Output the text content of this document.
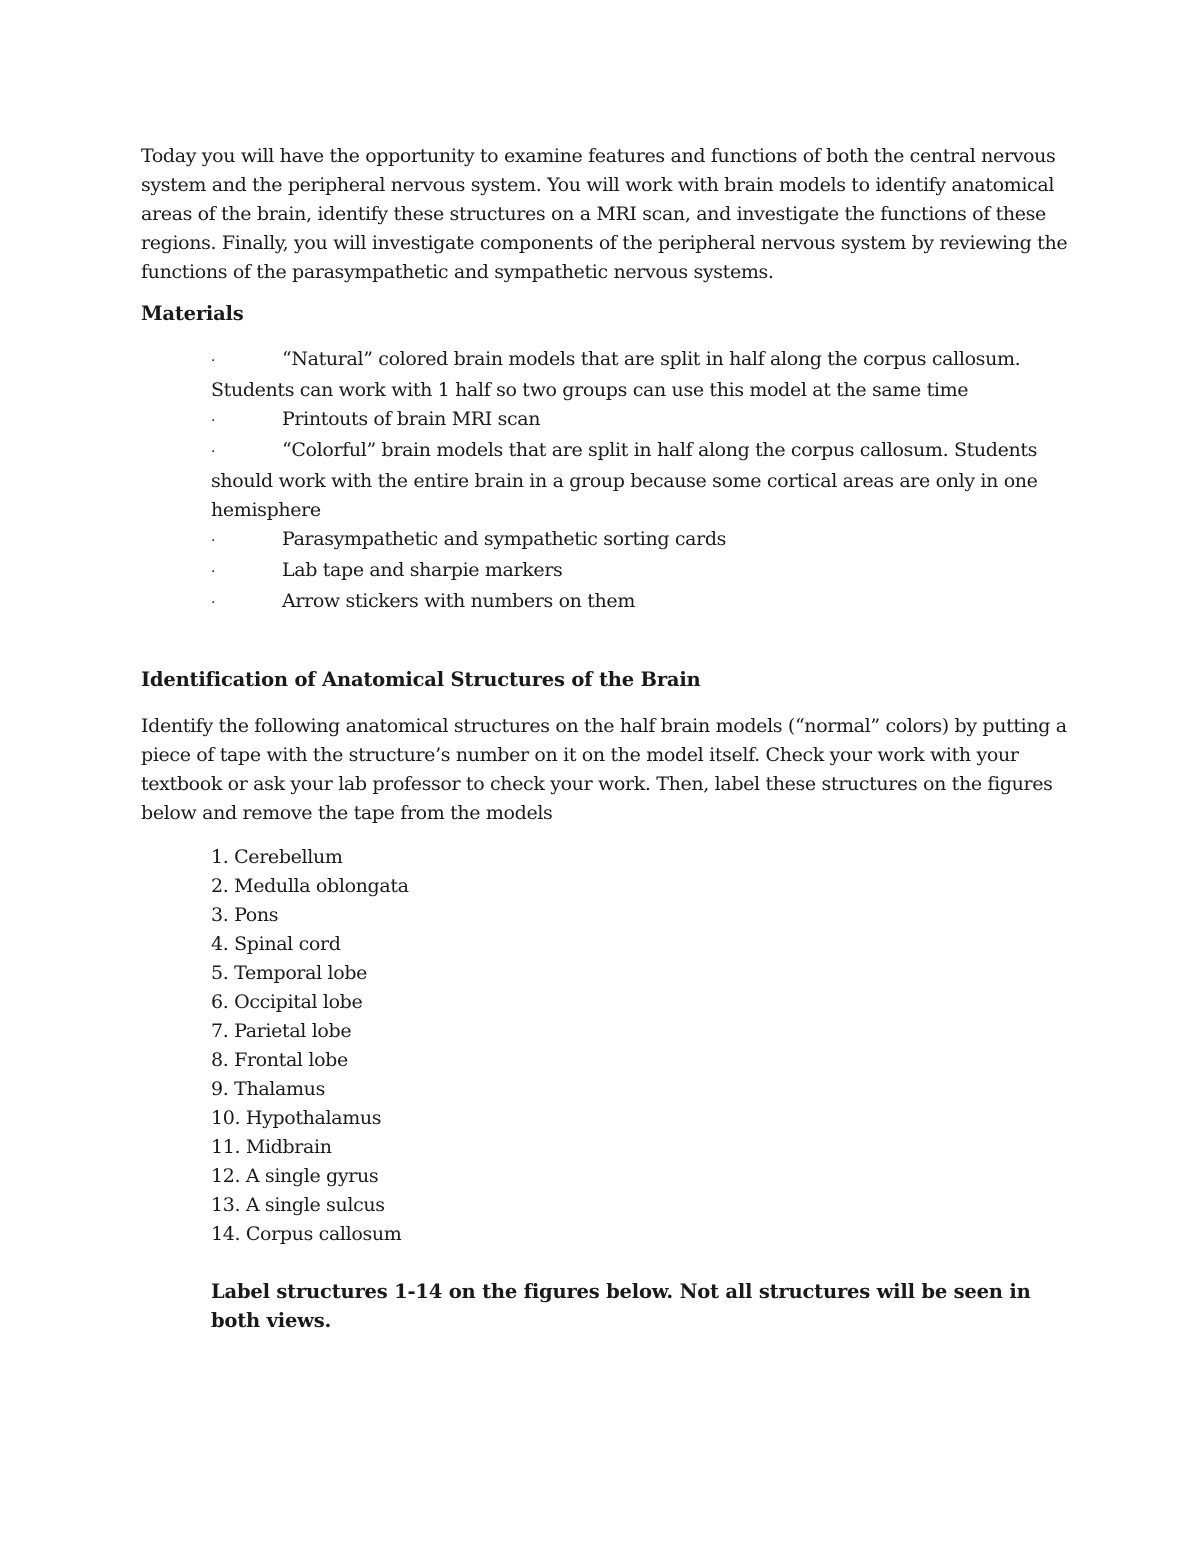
Today you will have the opportunity to examine features and functions of both the central nervous system and the peripheral nervous system. You will work with brain models to identify anatomical areas of the brain, identify these structures on a MRI scan, and investigate the functions of these regions. Finally, you will investigate components of the peripheral nervous system by reviewing the functions of the parasympathetic and sympathetic nervous systems.

Materials

·	“Natural” colored brain models that are split in half along the corpus callosum.
Students can work with 1 half so two groups can use this model at the same time
·	Printouts of brain MRI scan
·	“Colorful” brain models that are split in half along the corpus callosum. Students
should work with the entire brain in a group because some cortical areas are only in one hemisphere
·	Parasympathetic and sympathetic sorting cards
·	Lab tape and sharpie markers
·	Arrow stickers with numbers on them

Identification of Anatomical Structures of the Brain

Identify the following anatomical structures on the half brain models (“normal” colors) by putting a piece of tape with the structure’s number on it on the model itself. Check your work with your textbook or ask your lab professor to check your work. Then, label these structures on the figures below and remove the tape from the models

1. Cerebellum
2. Medulla oblongata
3. Pons
4. Spinal cord
5. Temporal lobe
6. Occipital lobe
7. Parietal lobe
8. Frontal lobe
9. Thalamus
10. Hypothalamus
11. Midbrain
12. A single gyrus
13. A single sulcus
14. Corpus callosum

Label structures 1-14 on the figures below. Not all structures will be seen in both views.
